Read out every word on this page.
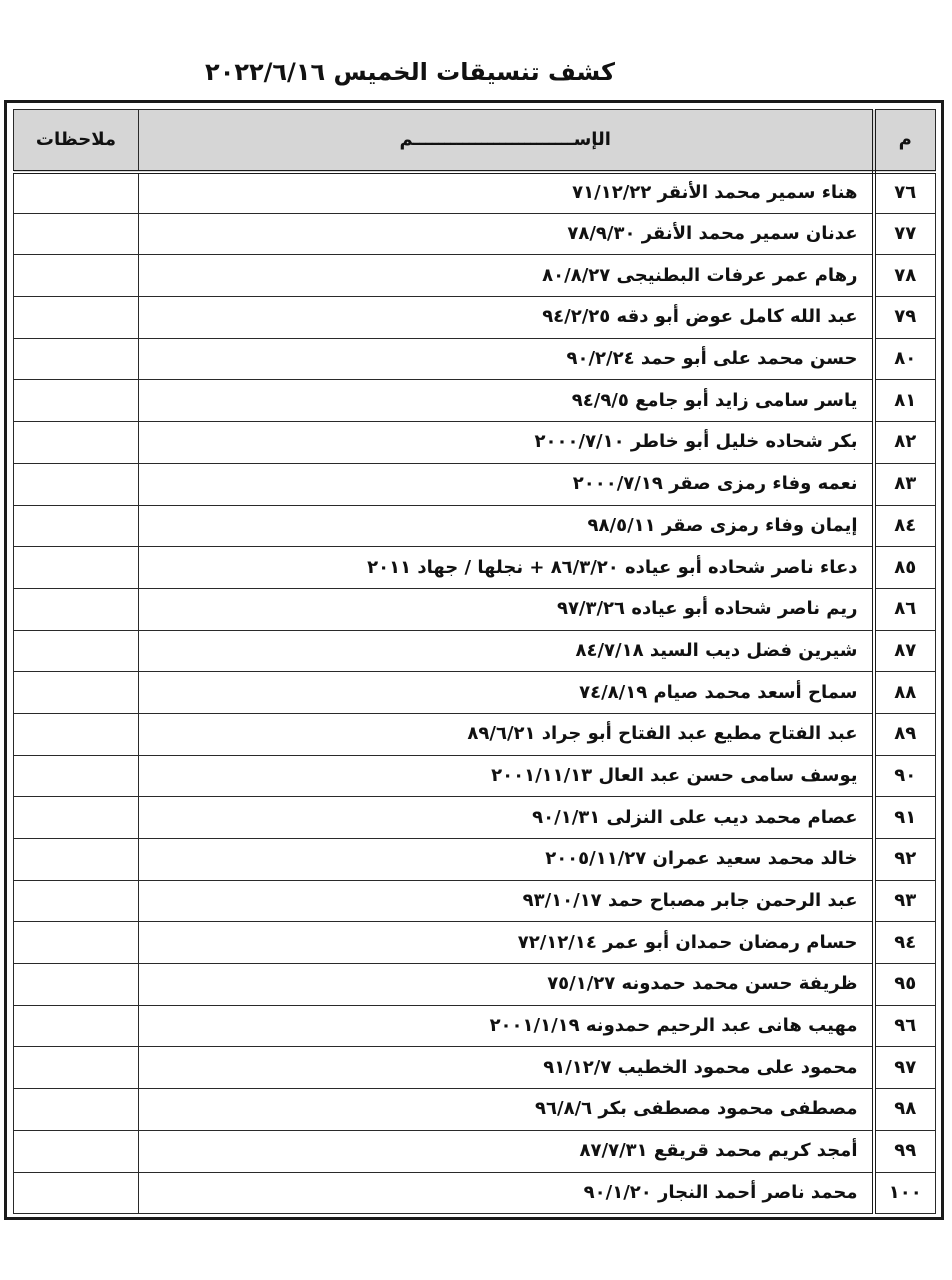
كشف تنسيقات الخميس ٢٠٢٢/٦/١٦
م	الإســــــــــــــــــــــــــم	ملاحظات
٧٦	هناء سمير محمد الأنقر ٧١/١٢/٢٢	
٧٧	عدنان سمير محمد الأنقر ٧٨/٩/٣٠	
٧٨	رهام عمر عرفات البطنيجى ٨٠/٨/٢٧	
٧٩	عبد الله كامل عوض أبو دقه ٩٤/٢/٢٥	
٨٠	حسن محمد على أبو حمد ٩٠/٢/٢٤	
٨١	ياسر سامى زايد أبو جامع ٩٤/٩/٥	
٨٢	بكر شحاده خليل أبو خاطر ٢٠٠٠/٧/١٠	
٨٣	نعمه وفاء رمزى صقر ٢٠٠٠/٧/١٩	
٨٤	إيمان وفاء رمزى صقر ٩٨/٥/١١	
٨٥	دعاء ناصر شحاده أبو عياده ٨٦/٣/٢٠ + نجلها / جهاد ٢٠١١	
٨٦	ريم ناصر شحاده أبو عياده ٩٧/٣/٢٦	
٨٧	شيرين فضل ديب السيد ٨٤/٧/١٨	
٨٨	سماح أسعد محمد صيام ٧٤/٨/١٩	
٨٩	عبد الفتاح مطيع عبد الفتاح أبو جراد ٨٩/٦/٢١	
٩٠	يوسف سامى حسن عبد العال ٢٠٠١/١١/١٣	
٩١	عصام محمد ديب على النزلى ٩٠/١/٣١	
٩٢	خالد محمد سعيد عمران ٢٠٠٥/١١/٢٧	
٩٣	عبد الرحمن جابر مصباح حمد ٩٣/١٠/١٧	
٩٤	حسام رمضان حمدان أبو عمر ٧٢/١٢/١٤	
٩٥	ظريفة حسن محمد حمدونه ٧٥/١/٢٧	
٩٦	مهيب هانى عبد الرحيم حمدونه ٢٠٠١/١/١٩	
٩٧	محمود على محمود الخطيب ٩١/١٢/٧	
٩٨	مصطفى محمود مصطفى بكر ٩٦/٨/٦	
٩٩	أمجد كريم محمد قريقع ٨٧/٧/٣١	
١٠٠	محمد ناصر أحمد النجار ٩٠/١/٢٠	
